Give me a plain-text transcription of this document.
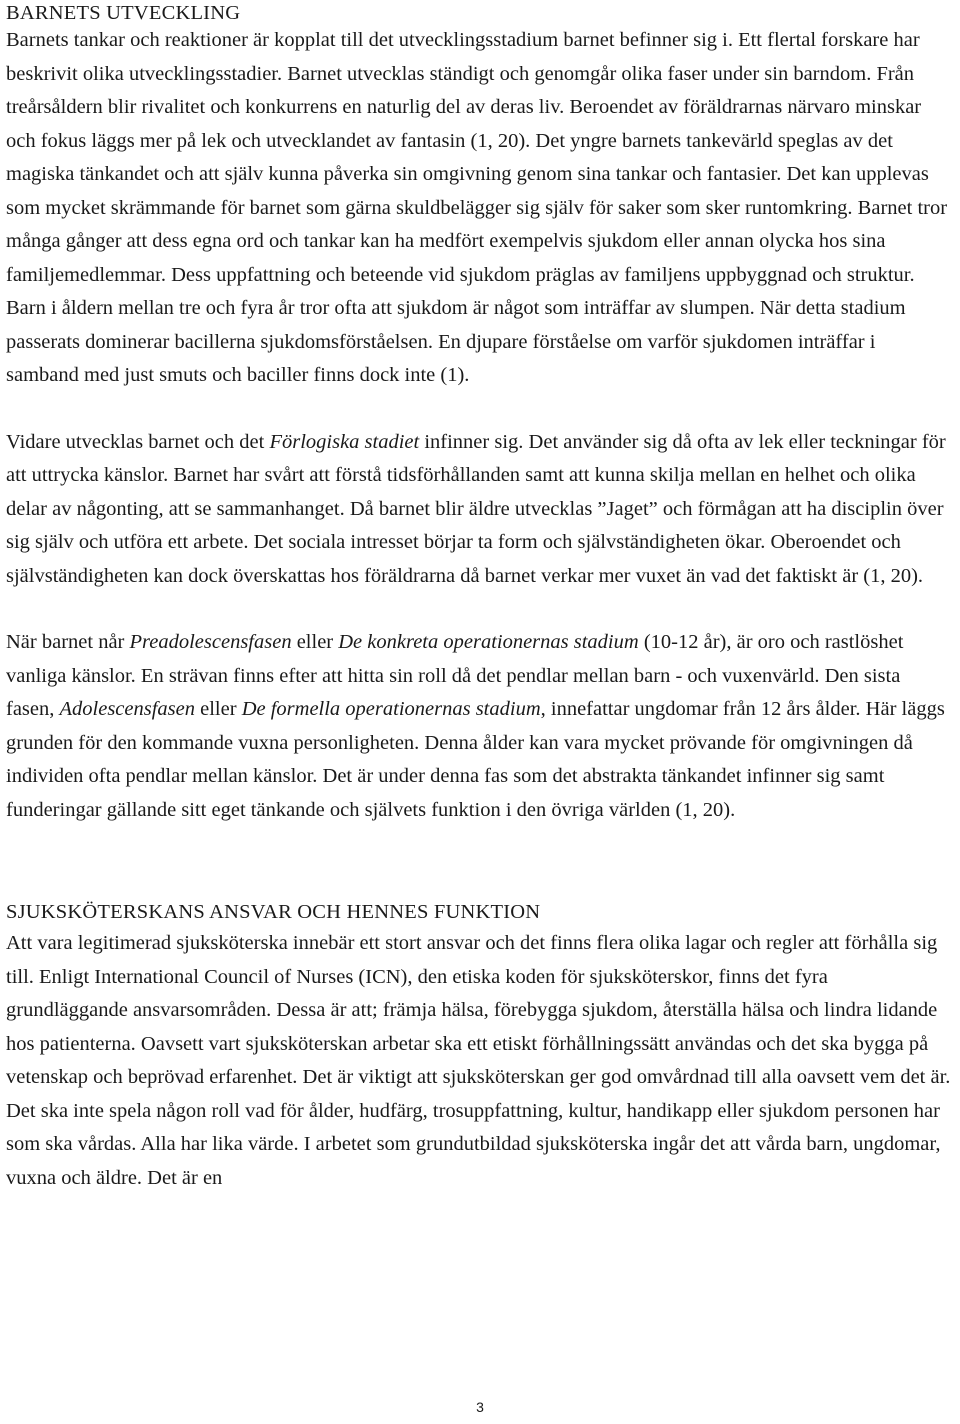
BARNETS UTVECKLING

Barnets tankar och reaktioner är kopplat till det utvecklingsstadium barnet befinner sig i. Ett flertal forskare har beskrivit olika utvecklingsstadier. Barnet utvecklas ständigt och genomgår olika faser under sin barndom. Från treårsåldern blir rivalitet och konkurrens en naturlig del av deras liv. Beroendet av föräldrarnas närvaro minskar och fokus läggs mer på lek och utvecklandet av fantasin (1, 20). Det yngre barnets tankevärld speglas av det magiska tänkandet och att själv kunna påverka sin omgivning genom sina tankar och fantasier. Det kan upplevas som mycket skrämmande för barnet som gärna skuldbelägger sig själv för saker som sker runtomkring. Barnet tror många gånger att dess egna ord och tankar kan ha medfört exempelvis sjukdom eller annan olycka hos sina familjemedlemmar. Dess uppfattning och beteende vid sjukdom präglas av familjens uppbyggnad och struktur. Barn i åldern mellan tre och fyra år tror ofta att sjukdom är något som inträffar av slumpen. När detta stadium passerats dominerar bacillerna sjukdomsförståelsen. En djupare förståelse om varför sjukdomen inträffar i samband med just smuts och baciller finns dock inte (1).

Vidare utvecklas barnet och det Förlogiska stadiet infinner sig. Det använder sig då ofta av lek eller teckningar för att uttrycka känslor. Barnet har svårt att förstå tidsförhållanden samt att kunna skilja mellan en helhet och olika delar av någonting, att se sammanhanget. Då barnet blir äldre utvecklas ”Jaget” och förmågan att ha disciplin över sig själv och utföra ett arbete. Det sociala intresset börjar ta form och självständigheten ökar. Oberoendet och självständigheten kan dock överskattas hos föräldrarna då barnet verkar mer vuxet än vad det faktiskt är (1, 20).

När barnet når Preadolescensfasen eller De konkreta operationernas stadium (10-12 år), är oro och rastlöshet vanliga känslor. En strävan finns efter att hitta sin roll då det pendlar mellan barn - och vuxenvärld. Den sista fasen, Adolescensfasen eller De formella operationernas stadium, innefattar ungdomar från 12 års ålder. Här läggs grunden för den kommande vuxna personligheten. Denna ålder kan vara mycket prövande för omgivningen då individen ofta pendlar mellan känslor. Det är under denna fas som det abstrakta tänkandet infinner sig samt funderingar gällande sitt eget tänkande och självets funktion i den övriga världen (1, 20).

SJUKSKÖTERSKANS ANSVAR OCH HENNES FUNKTION

Att vara legitimerad sjuksköterska innebär ett stort ansvar och det finns flera olika lagar och regler att förhålla sig till. Enligt International Council of Nurses (ICN), den etiska koden för sjuksköterskor, finns det fyra grundläggande ansvarsområden. Dessa är att; främja hälsa, förebygga sjukdom, återställa hälsa och lindra lidande hos patienterna. Oavsett vart sjuksköterskan arbetar ska ett etiskt förhållningssätt användas och det ska bygga på vetenskap och beprövad erfarenhet. Det är viktigt att sjuksköterskan ger god omvårdnad till alla oavsett vem det är. Det ska inte spela någon roll vad för ålder, hudfärg, trosuppfattning, kultur, handikapp eller sjukdom personen har som ska vårdas. Alla har lika värde. I arbetet som grundutbildad sjuksköterska ingår det att vårda barn, ungdomar, vuxna och äldre. Det är en

3
